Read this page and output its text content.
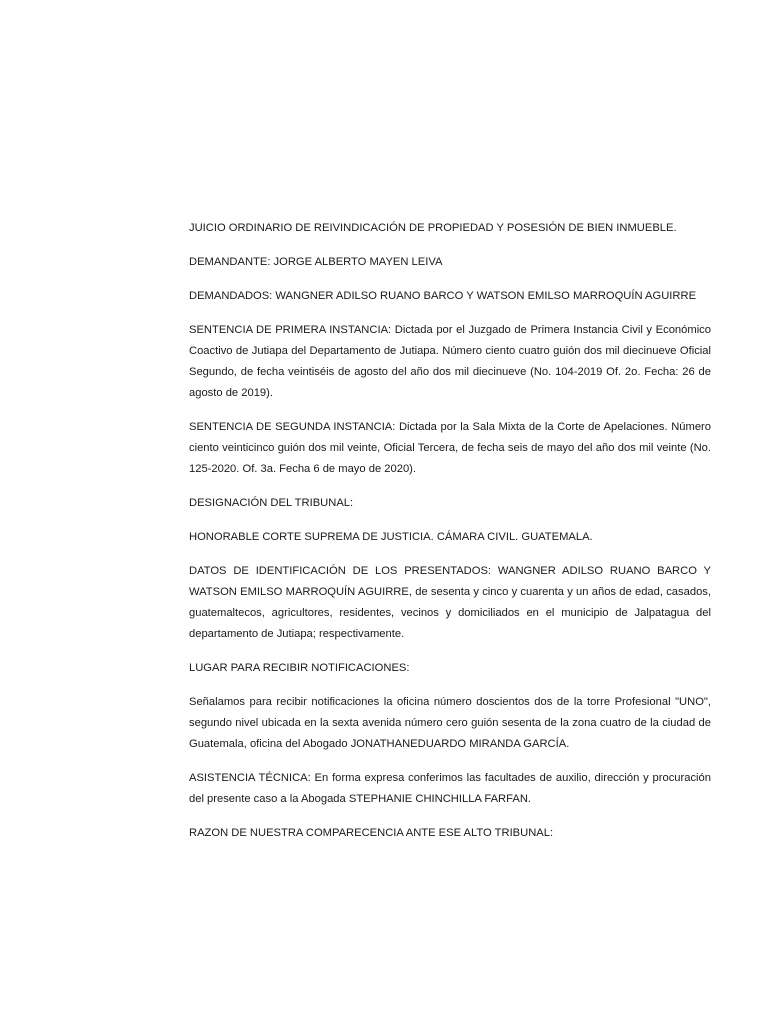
JUICIO ORDINARIO DE REIVINDICACIÓN DE PROPIEDAD Y POSESIÓN DE BIEN INMUEBLE.

DEMANDANTE: JORGE ALBERTO MAYEN LEIVA

DEMANDADOS: WANGNER ADILSO RUANO BARCO Y WATSON EMILSO MARROQUÍN AGUIRRE

SENTENCIA DE PRIMERA INSTANCIA: Dictada por el Juzgado de Primera Instancia Civil y Económico Coactivo de Jutiapa del Departamento de Jutiapa. Número ciento cuatro guión dos mil diecinueve Oficial Segundo, de fecha veintiséis de agosto del año dos mil diecinueve (No. 104-2019 Of. 2o. Fecha: 26 de agosto de 2019).

SENTENCIA DE SEGUNDA INSTANCIA: Dictada por la Sala Mixta de la Corte de Apelaciones. Número ciento veinticinco guión dos mil veinte, Oficial Tercera, de fecha seis de mayo del año dos mil veinte (No. 125-2020. Of. 3a. Fecha 6 de mayo de 2020).

DESIGNACIÓN DEL TRIBUNAL:

HONORABLE CORTE SUPREMA DE JUSTICIA. CÁMARA CIVIL. GUATEMALA.

DATOS DE IDENTIFICACIÓN DE LOS PRESENTADOS: WANGNER ADILSO RUANO BARCO Y WATSON EMILSO MARROQUÍN AGUIRRE, de sesenta y cinco y cuarenta y un años de edad, casados, guatemaltecos, agricultores, residentes, vecinos y domiciliados en el municipio de Jalpatagua del departamento de Jutiapa; respectivamente.

LUGAR PARA RECIBIR NOTIFICACIONES:

Señalamos para recibir notificaciones la oficina número doscientos dos de la torre Profesional "UNO", segundo nivel ubicada en la sexta avenida número cero guión sesenta de la zona cuatro de la ciudad de Guatemala, oficina del Abogado JONATHANEDUARDO MIRANDA GARCÍA.

ASISTENCIA TÉCNICA: En forma expresa conferimos las facultades de auxilio, dirección y procuración del presente caso a la Abogada STEPHANIE CHINCHILLA FARFAN.

RAZON DE NUESTRA COMPARECENCIA ANTE ESE ALTO TRIBUNAL:
